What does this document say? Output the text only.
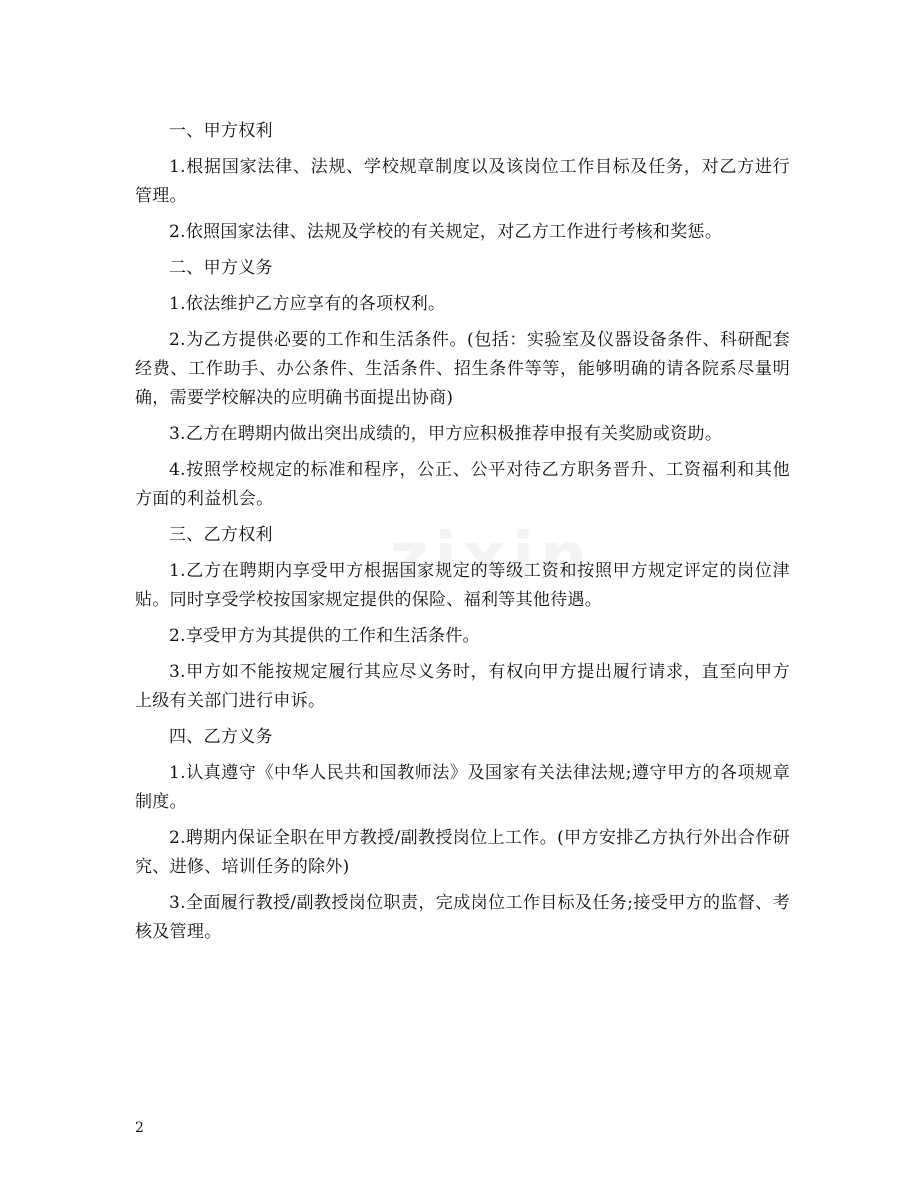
一、甲方权利

1.根据国家法律、法规、学校规章制度以及该岗位工作目标及任务，对乙方进行管理。

2.依照国家法律、法规及学校的有关规定，对乙方工作进行考核和奖惩。

二、甲方义务

1.依法维护乙方应享有的各项权利。

2.为乙方提供必要的工作和生活条件。(包括：实验室及仪器设备条件、科研配套经费、工作助手、办公条件、生活条件、招生条件等等，能够明确的请各院系尽量明确，需要学校解决的应明确书面提出协商)

3.乙方在聘期内做出突出成绩的，甲方应积极推荐申报有关奖励或资助。

4.按照学校规定的标准和程序，公正、公平对待乙方职务晋升、工资福利和其他方面的利益机会。

三、乙方权利

1.乙方在聘期内享受甲方根据国家规定的等级工资和按照甲方规定评定的岗位津贴。同时享受学校按国家规定提供的保险、福利等其他待遇。

2.享受甲方为其提供的工作和生活条件。

3.甲方如不能按规定履行其应尽义务时，有权向甲方提出履行请求，直至向甲方上级有关部门进行申诉。

四、乙方义务

1.认真遵守《中华人民共和国教师法》及国家有关法律法规;遵守甲方的各项规章制度。

2.聘期内保证全职在甲方教授/副教授岗位上工作。(甲方安排乙方执行外出合作研究、进修、培训任务的除外)

3.全面履行教授/副教授岗位职责，完成岗位工作目标及任务;接受甲方的监督、考核及管理。

2
